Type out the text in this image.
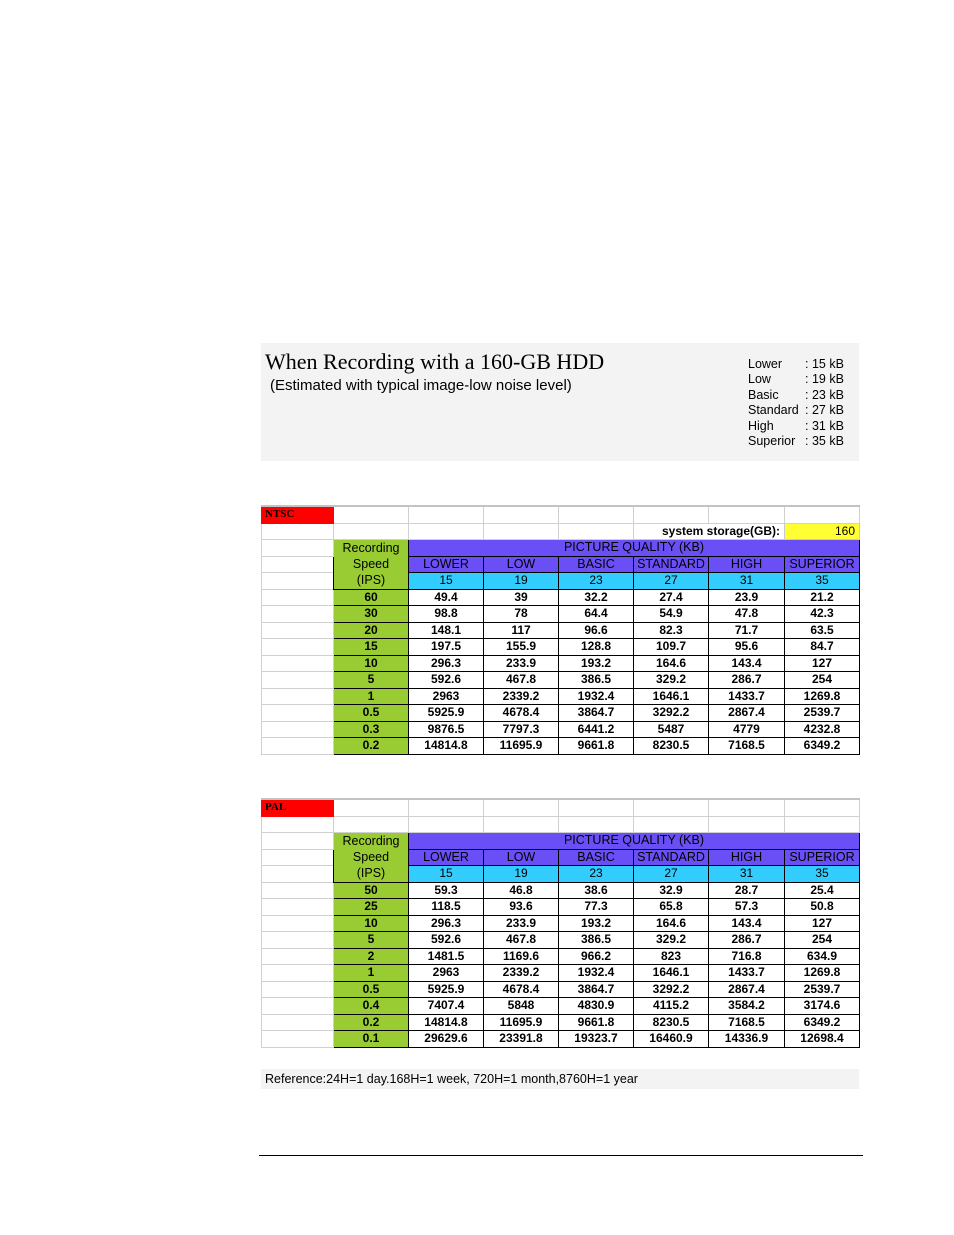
When Recording with a 160-GB HDD
(Estimated with typical image-low noise level)
Lower : 15 kB
Low	: 19 kB
Basic : 23 kB
Standard : 27 kB
High	: 31 kB
Superior : 35 kB
NTSC							
					system storage(GB):		160

	Recording
Speed
(IPS)	PICTURE QUALITY (KB)					
		LOWER	LOW	BASIC	STANDARD	HIGH	SUPERIOR
		15	19	23	27	31	35
	60	49.4	39	32.2	27.4	23.9	21.2
	30	98.8	78	64.4	54.9	47.8	42.3
	20	148.1	117	96.6	82.3	71.7	63.5
	15	197.5	155.9	128.8	109.7	95.6	84.7
	10	296.3	233.9	193.2	164.6	143.4	127
	5	592.6	467.8	386.5	329.2	286.7	254
	1	2963	2339.2	1932.4	1646.1	1433.7	1269.8
	0.5	5925.9	4678.4	3864.7	3292.2	2867.4	2539.7
	0.3	9876.5	7797.3	6441.2	5487	4779	4232.8
	0.2	14814.8	11695.9	9661.8	8230.5	7168.5	6349.2
PAL							

	Recording
Speed
(IPS)	PICTURE QUALITY (KB)					
		LOWER	LOW	BASIC	STANDARD	HIGH	SUPERIOR
		15	19	23	27	31	35
	50	59.3	46.8	38.6	32.9	28.7	25.4
	25	118.5	93.6	77.3	65.8	57.3	50.8
	10	296.3	233.9	193.2	164.6	143.4	127
	5	592.6	467.8	386.5	329.2	286.7	254
	2	1481.5	1169.6	966.2	823	716.8	634.9
	1	2963	2339.2	1932.4	1646.1	1433.7	1269.8
	0.5	5925.9	4678.4	3864.7	3292.2	2867.4	2539.7
	0.4	7407.4	5848	4830.9	4115.2	3584.2	3174.6
	0.2	14814.8	11695.9	9661.8	8230.5	7168.5	6349.2
	0.1	29629.6	23391.8	19323.7	16460.9	14336.9	12698.4
Reference:24H=1 day.168H=1 week, 720H=1 month,8760H=1 year
